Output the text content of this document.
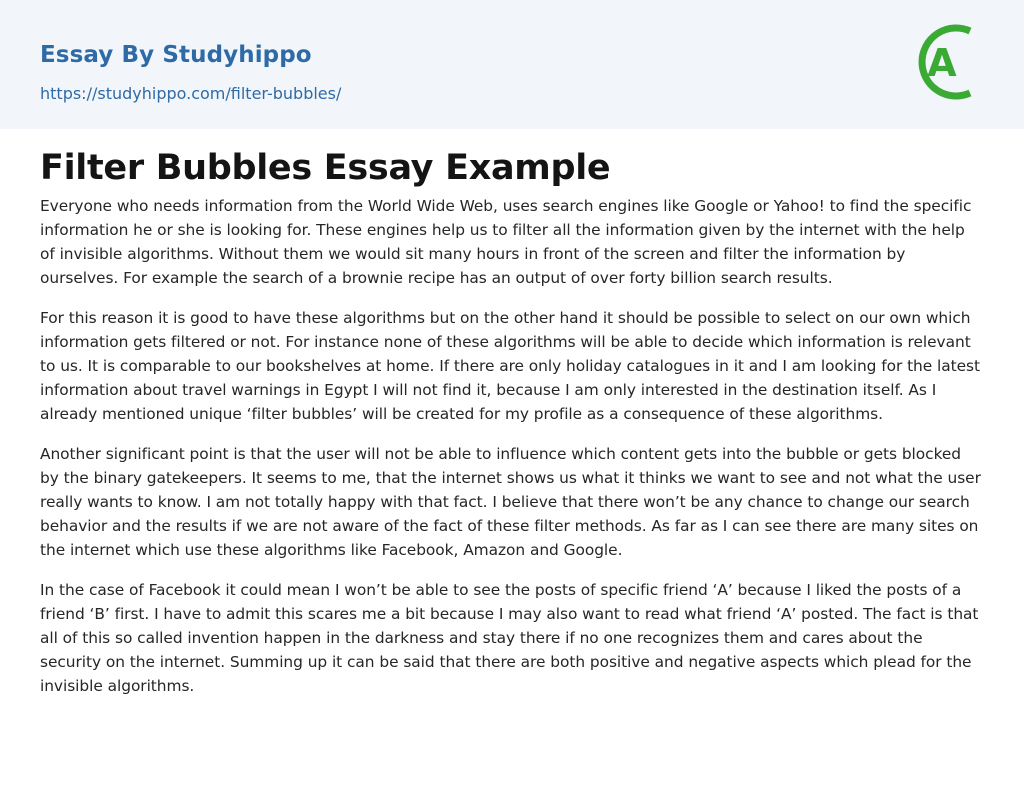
Essay By Studyhippo
https://studyhippo.com/filter-bubbles/
A
Filter Bubbles Essay Example

Everyone who needs information from the World Wide Web, uses search engines like Google or Yahoo! to find the specific information he or she is looking for. These engines help us to filter all the information given by the internet with the help of invisible algorithms. Without them we would sit many hours in front of the screen and filter the information by ourselves. For example the search of a brownie recipe has an output of over forty billion search results.

For this reason it is good to have these algorithms but on the other hand it should be possible to select on our own which information gets filtered or not. For instance none of these algorithms will be able to decide which information is relevant to us. It is comparable to our bookshelves at home. If there are only holiday catalogues in it and I am looking for the latest information about travel warnings in Egypt I will not find it, because I am only interested in the destination itself. As I already mentioned unique ‘filter bubbles’ will be created for my profile as a consequence of these algorithms.

Another significant point is that the user will not be able to influence which content gets into the bubble or gets blocked by the binary gatekeepers. It seems to me, that the internet shows us what it thinks we want to see and not what the user really wants to know. I am not totally happy with that fact. I believe that there won’t be any chance to change our search behavior and the results if we are not aware of the fact of these filter methods. As far as I can see there are many sites on the internet which use these algorithms like Facebook, Amazon and Google.

In the case of Facebook it could mean I won’t be able to see the posts of specific friend ‘A’ because I liked the posts of a friend ‘B’ first. I have to admit this scares me a bit because I may also want to read what friend ‘A’ posted. The fact is that all of this so called invention happen in the darkness and stay there if no one recognizes them and cares about the security on the internet. Summing up it can be said that there are both positive and negative aspects which plead for the invisible algorithms.
